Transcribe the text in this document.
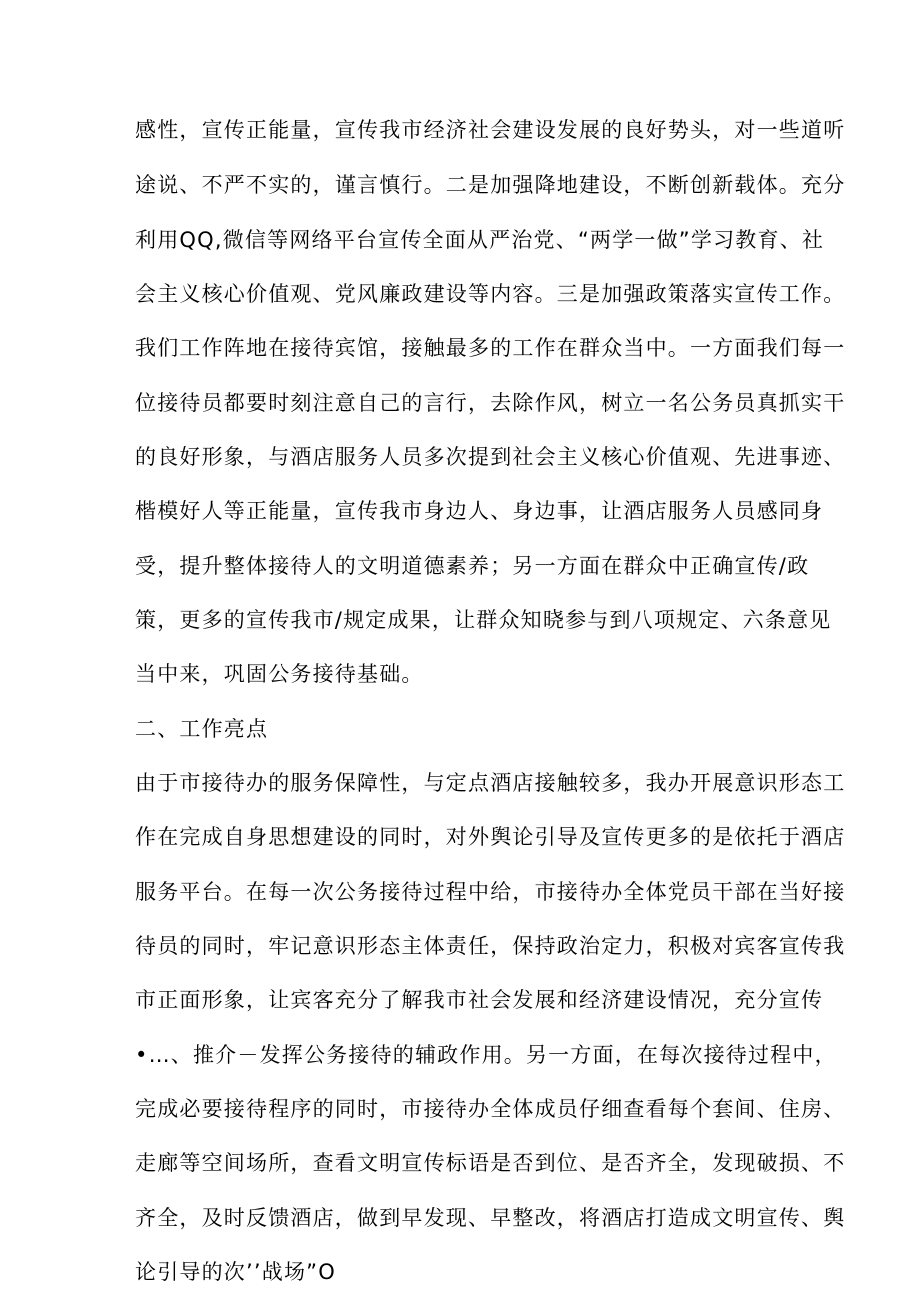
感性，宣传正能量，宣传我市经济社会建设发展的良好势头，对一些道听
途说、不严不实的，谨言慎行。二是加强降地建设，不断创新载体。充分
利用QQ,微信等网络平台宣传全面从严治党、“两学一做”学习教育、社
会主义核心价值观、党风廉政建设等内容。三是加强政策落实宣传工作。
我们工作阵地在接待宾馆，接触最多的工作在群众当中。一方面我们每一
位接待员都要时刻注意自己的言行，去除作风，树立一名公务员真抓实干
的良好形象，与酒店服务人员多次提到社会主义核心价值观、先进事迹、
楷模好人等正能量，宣传我市身边人、身边事，让酒店服务人员感同身
受，提升整体接待人的文明道德素养；另一方面在群众中正确宣传/政
策，更多的宣传我市/规定成果，让群众知晓参与到八项规定、六条意见
当中来，巩固公务接待基础。
二、工作亮点
由于市接待办的服务保障性，与定点酒店接触较多，我办开展意识形态工
作在完成自身思想建设的同时，对外舆论引导及宣传更多的是依托于酒店
服务平台。在每一次公务接待过程中给，市接待办全体党员干部在当好接
待员的同时，牢记意识形态主体责任，保持政治定力，积极对宾客宣传我
市正面形象，让宾客充分了解我市社会发展和经济建设情况，充分宣传
•…、推介－发挥公务接待的辅政作用。另一方面，在每次接待过程中，
完成必要接待程序的同时，市接待办全体成员仔细查看每个套间、住房、
走廊等空间场所，查看文明宣传标语是否到位、是否齐全，发现破损、不
齐全，及时反馈酒店，做到早发现、早整改，将酒店打造成文明宣传、舆
论引导的次’’战场”O
